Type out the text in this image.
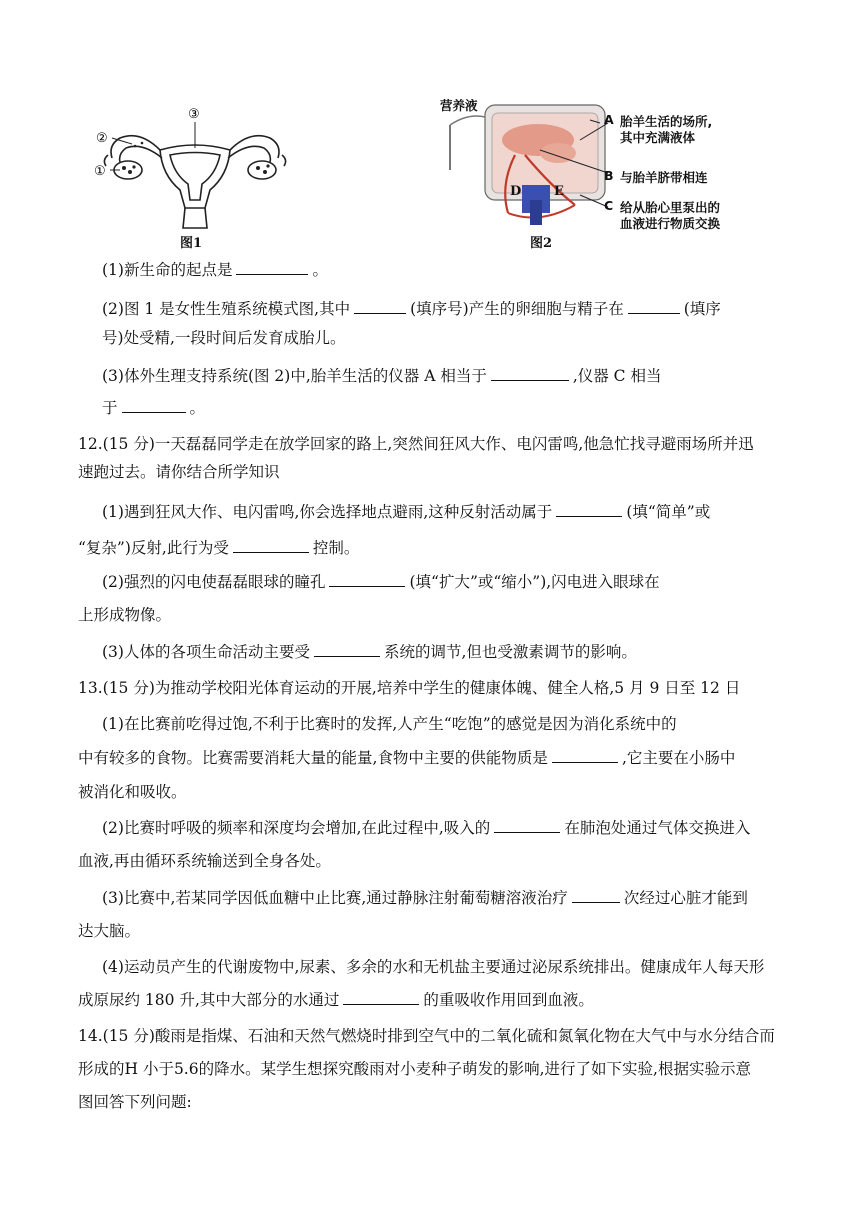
②
①
③
图1
D	E
营养液
A 胎羊生活的场所,
其中充满液体
B 与胎羊脐带相连
C 给从胎心里泵出的
血液进行物质交换
图2
(1)新生命的起点是	。
(2)图 1 是女性生殖系统模式图,其中	(填序号)产生的卵细胞与精子在	(填序
号)处受精,一段时间后发育成胎儿。
(3)体外生理支持系统(图 2)中,胎羊生活的仪器 A 相当于	,仪器 C 相当
于	。
12.(15 分)一天磊磊同学走在放学回家的路上,突然间狂风大作、电闪雷鸣,他急忙找寻避雨场所并迅
速跑过去。请你结合所学知识
(1)遇到狂风大作、电闪雷鸣,你会选择地点避雨,这种反射活动属于	(填“简单”或
“复杂”)反射,此行为受	控制。
(2)强烈的闪电使磊磊眼球的瞳孔	(填“扩大”或“缩小”),闪电进入眼球在
上形成物像。
(3)人体的各项生命活动主要受	系统的调节,但也受激素调节的影响。
13.(15 分)为推动学校阳光体育运动的开展,培养中学生的健康体魄、健全人格,5 月 9 日至 12 日
(1)在比赛前吃得过饱,不利于比赛时的发挥,人产生“吃饱”的感觉是因为消化系统中的
中有较多的食物。比赛需要消耗大量的能量,食物中主要的供能物质是	,它主要在小肠中
被消化和吸收。
(2)比赛时呼吸的频率和深度均会增加,在此过程中,吸入的	在肺泡处通过气体交换进入
血液,再由循环系统输送到全身各处。
(3)比赛中,若某同学因低血糖中止比赛,通过静脉注射葡萄糖溶液治疗	次经过心脏才能到
达大脑。
(4)运动员产生的代谢废物中,尿素、多余的水和无机盐主要通过泌尿系统排出。健康成年人每天形
成原尿约 180 升,其中大部分的水通过	的重吸收作用回到血液。
14.(15 分)酸雨是指煤、石油和天然气燃烧时排到空气中的二氧化硫和氮氧化物在大气中与水分结合而
形成的H 小于5.6的降水。某学生想探究酸雨对小麦种子萌发的影响,进行了如下实验,根据实验示意
图回答下列问题:
